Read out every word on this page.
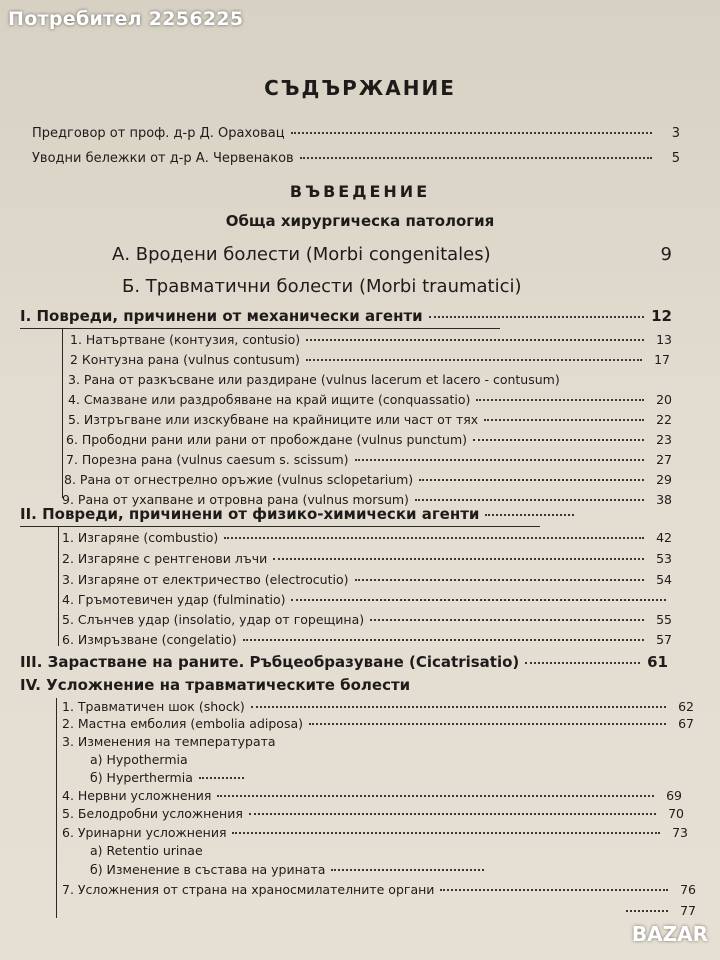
Потребител 2256225
СЪДЪРЖАНИЕ
Предговор от проф. д-р Д. Ораховац	3
Уводни бележки от д-р А. Червенаков	5
ВЪВЕДЕНИЕ
Обща хирургическа патология
А. Вродени болести (Morbi congenitales)	9
Б. Травматични болести (Morbi traumatici)
I. Повреди, причинени от механически агенти	12
1. Натъртване (контузия, contusio)	13
2 Контузна рана (vulnus contusum)	17
3. Рана от разкъсване или раздиране (vulnus lacerum et lacero - contusum)
4. Смазване или раздробяване на край ищите (conquassatio)	20
5. Изтръгване или изскубване на крайниците или част от тях	22
6. Прободни рани или рани от пробождане (vulnus punctum)	23
7. Порезна рана (vulnus caesum s. scissum)	27
8. Рана от огнестрелно оръжие (vulnus sclopetarium)	29
9. Рана от ухапване и отровна рана (vulnus morsum)	38
II. Повреди, причинени от физико-химически агенти
1. Изгаряне (combustio)	42
2. Изгаряне с рентгенови лъчи	53
3. Изгаряне от електричество (electrocutio)	54
4. Гръмотевичен удар (fulminatio)
5. Слънчев удар (insolatio, удар от горещина)	55
6. Измръзване (congelatio)	57
III. Зарастване на раните. Ръбцеобразуване (Cicatrisatio)	61
IV. Усложнение на травматическите болести
1. Травматичен шок (shock)	62
2. Мастна емболия (embolia adiposa)	67
3. Изменения на температурата
а) Hypothermia
б) Hyperthermia
4. Нервни усложнения	69
5. Белодробни усложнения	70
6. Уринарни усложнения	73
а) Retentio urinae
б) Изменение в състава на урината
7. Усложнения от страна на храносмилателните органи	76
77
BAZAR
